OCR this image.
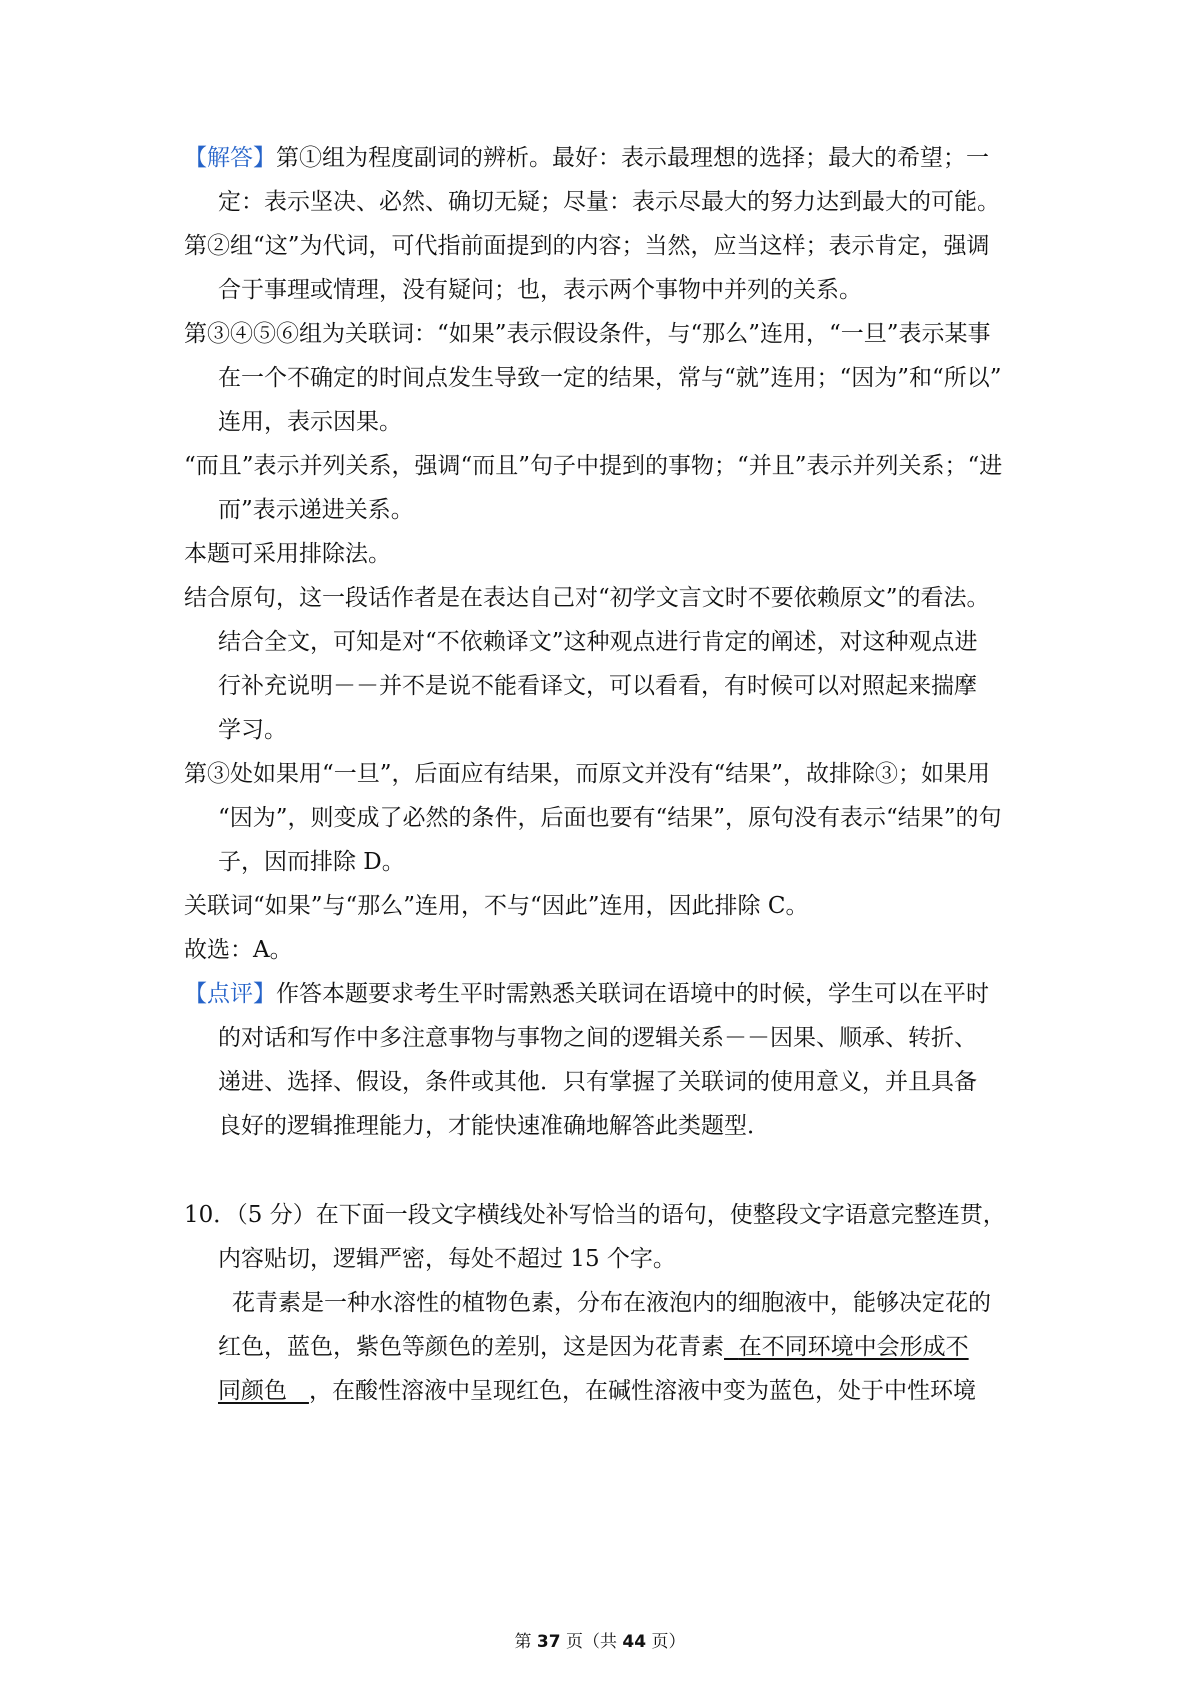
【解答】第①组为程度副词的辨析。最好：表示最理想的选择；最大的希望；一
定：表示坚决、必然、确切无疑；尽量：表示尽最大的努力达到最大的可能。
第②组“这”为代词，可代指前面提到的内容；当然，应当这样；表示肯定，强调
合于事理或情理，没有疑问；也，表示两个事物中并列的关系。
第③④⑤⑥组为关联词：“如果”表示假设条件，与“那么”连用，“一旦”表示某事
在一个不确定的时间点发生导致一定的结果，常与“就”连用；“因为”和“所以”
连用，表示因果。
“而且”表示并列关系，强调“而且”句子中提到的事物；“并且”表示并列关系；“进
而”表示递进关系。
本题可采用排除法。
结合原句，这一段话作者是在表达自己对“初学文言文时不要依赖原文”的看法。
结合全文，可知是对“不依赖译文”这种观点进行肯定的阐述，对这种观点进
行补充说明－－并不是说不能看译文，可以看看，有时候可以对照起来揣摩
学习。
第③处如果用“一旦”，后面应有结果，而原文并没有“结果”，故排除③；如果用
“因为”，则变成了必然的条件，后面也要有“结果”，原句没有表示“结果”的句
子，因而排除 D。
关联词“如果”与“那么”连用，不与“因此”连用，因此排除 C。
故选：A。
【点评】作答本题要求考生平时需熟悉关联词在语境中的时候，学生可以在平时
的对话和写作中多注意事物与事物之间的逻辑关系－－因果、顺承、转折、
递进、选择、假设，条件或其他．只有掌握了关联词的使用意义，并且具备
良好的逻辑推理能力，才能快速准确地解答此类题型．
10．（5 分）在下面一段文字横线处补写恰当的语句，使整段文字语意完整连贯，
内容贴切，逻辑严密，每处不超过 15 个字。
花青素是一种水溶性的植物色素，分布在液泡内的细胞液中，能够决定花的
红色，蓝色，紫色等颜色的差别，这是因为花青素 在不同环境中会形成不
同颜色 ，在酸性溶液中呈现红色，在碱性溶液中变为蓝色，处于中性环境
第 37 页（共 44 页）
